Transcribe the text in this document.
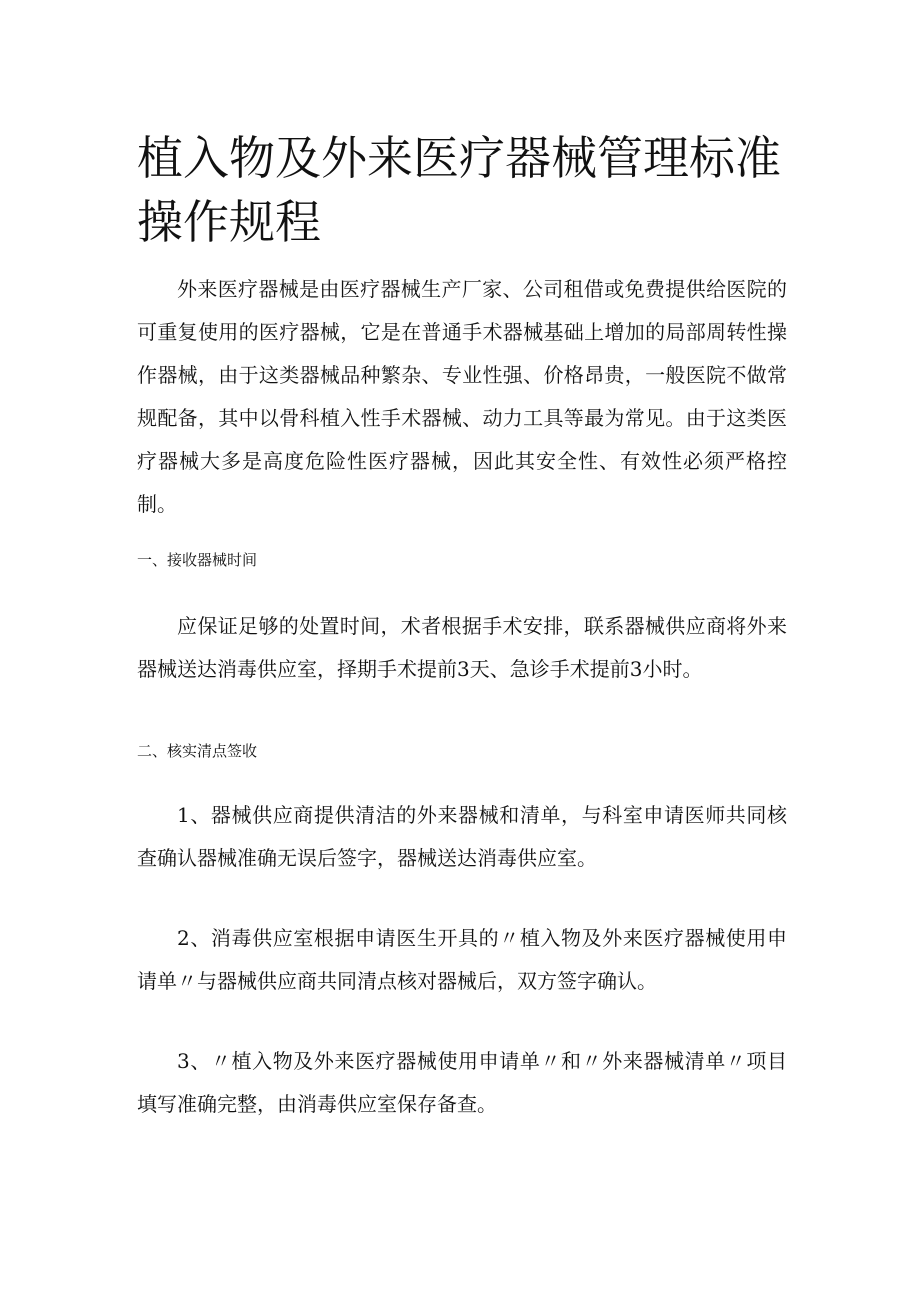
植入物及外来医疗器械管理标准操作规程

外来医疗器械是由医疗器械生产厂家、公司租借或免费提供给医院的可重复使用的医疗器械，它是在普通手术器械基础上增加的局部周转性操作器械，由于这类器械品种繁杂、专业性强、价格昂贵，一般医院不做常规配备，其中以骨科植入性手术器械、动力工具等最为常见。由于这类医疗器械大多是高度危险性医疗器械，因此其安全性、有效性必须严格控制。

一、接收器械时间

应保证足够的处置时间，术者根据手术安排，联系器械供应商将外来器械送达消毒供应室，择期手术提前3天、急诊手术提前3小时。

二、核实清点签收

1、器械供应商提供清洁的外来器械和清单，与科室申请医师共同核查确认器械准确无误后签字，器械送达消毒供应室。

2、消毒供应室根据申请医生开具的〃植入物及外来医疗器械使用申请单〃与器械供应商共同清点核对器械后，双方签字确认。

3、〃植入物及外来医疗器械使用申请单〃和〃外来器械清单〃项目填写准确完整，由消毒供应室保存备查。
